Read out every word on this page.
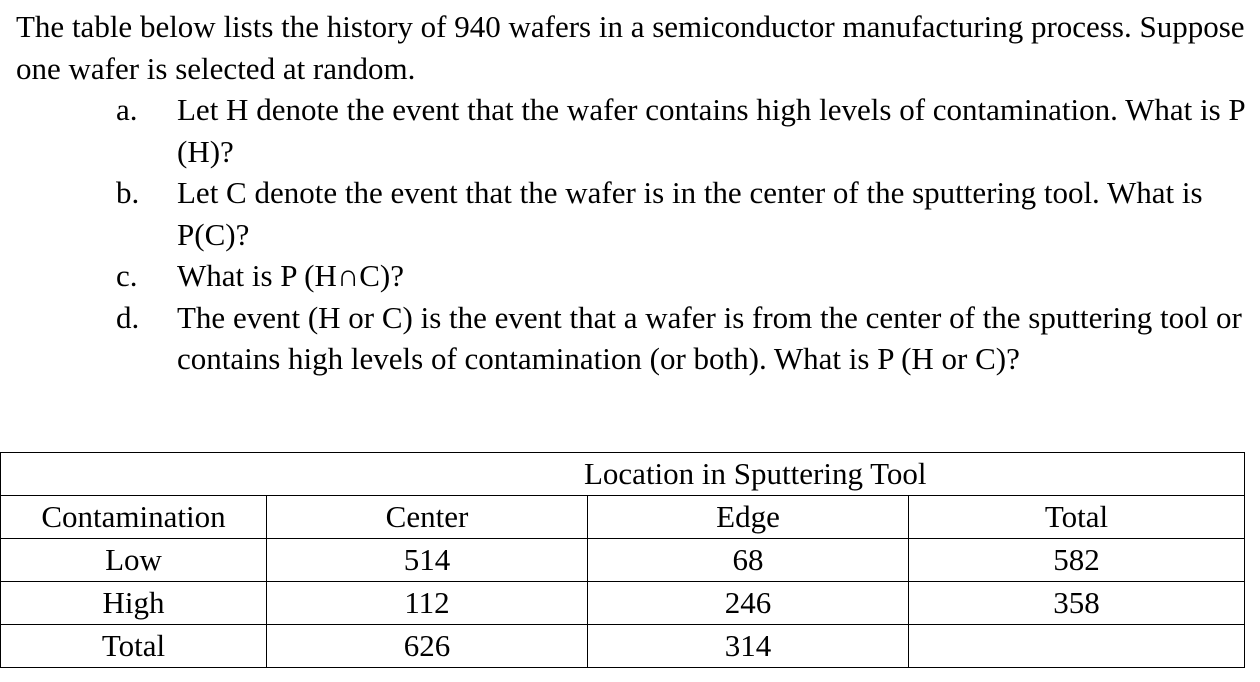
The table below lists the history of 940 wafers in a semiconductor manufacturing process. Suppose one wafer is selected at random.

a. Let H denote the event that the wafer contains high levels of contamination. What is P (H)?
b. Let C denote the event that the wafer is in the center of the sputtering tool. What is P(C)?
c. What is P (H∩C)?
d. The event (H or C) is the event that a wafer is from the center of the sputtering tool or contains high levels of contamination (or both). What is P (H or C)?
	Location in Sputtering Tool		
Contamination	Center	Edge	Total
Low	514	68	582
High	112	246	358
Total	626	314	
